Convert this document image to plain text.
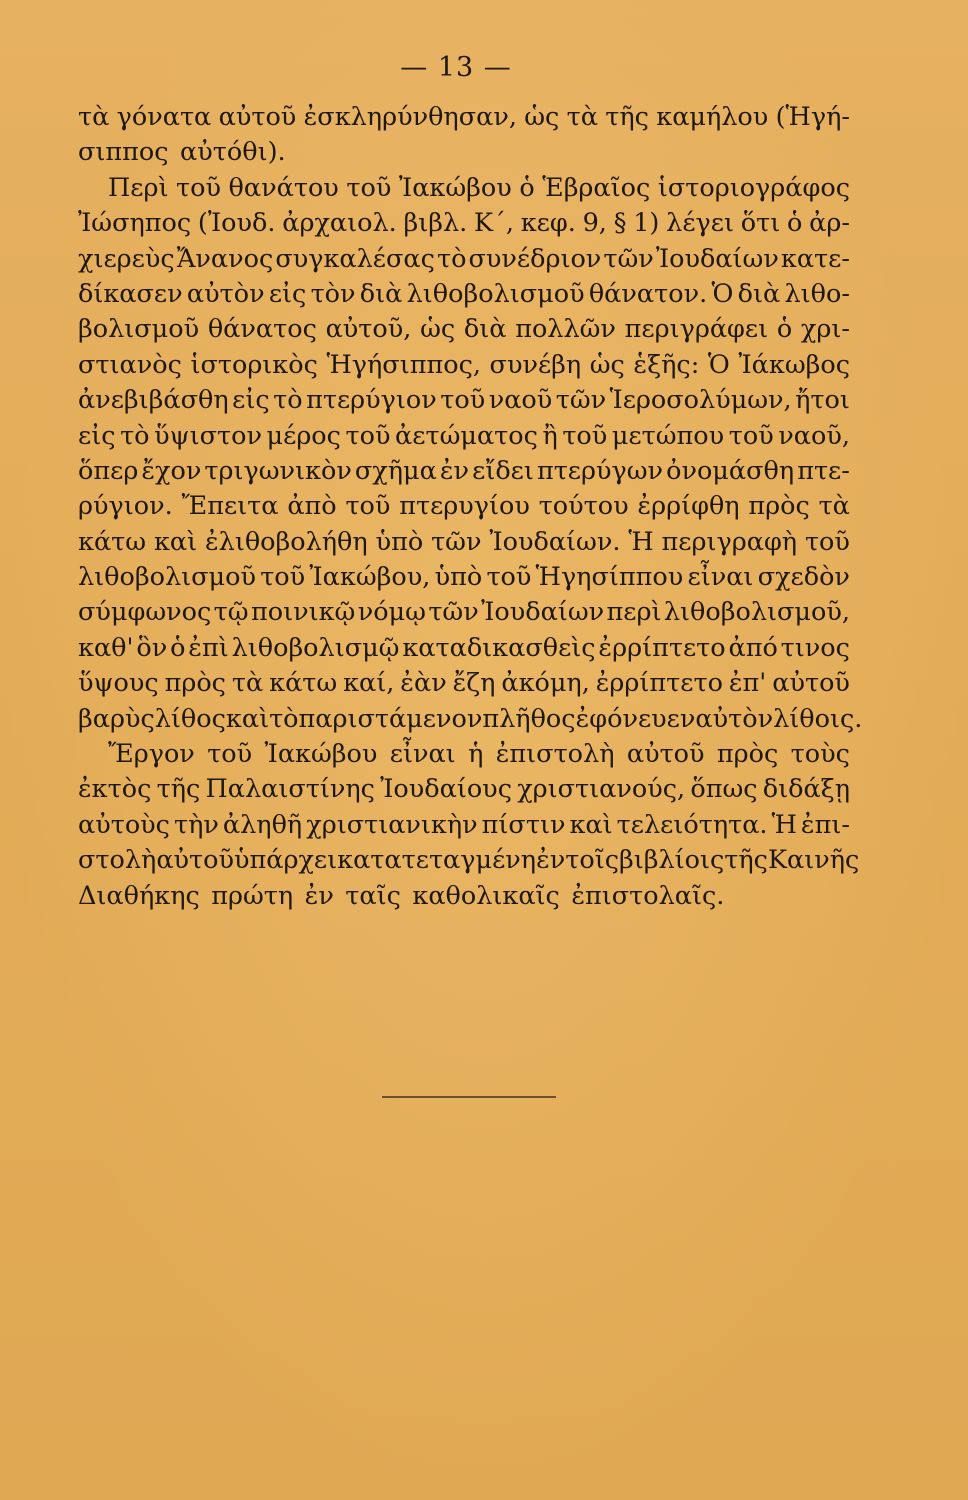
— 13 —
τὰ γόνατα αὐτοῦ ἐσκληρύνθησαν, ὡς τὰ τῆς καμήλου (Ἡγή-
σιππος αὐτόθι).
Περὶ τοῦ θανάτου τοῦ Ἰακώβου ὁ Ἑβραῖος ἱστοριογράφος
Ἰώσηπος (Ἰουδ. ἀρχαιολ. βιβλ. Κ΄, κεφ. 9, § 1) λέγει ὅτι ὁ ἀρ-
χιερεὺς Ἄνανος συγκαλέσας τὸ συνέδριον τῶν Ἰουδαίων κατε-
δίκασεν αὐτὸν εἰς τὸν διὰ λιθοβολισμοῦ θάνατον. Ὁ διὰ λιθο-
βολισμοῦ θάνατος αὐτοῦ, ὡς διὰ πολλῶν περιγράφει ὁ χρι-
στιανὸς ἱστορικὸς Ἡγήσιππος, συνέβη ὡς ἑξῆς: Ὁ Ἰάκωβος
ἀνεβιβάσθη εἰς τὸ πτερύγιον τοῦ ναοῦ τῶν Ἱεροσολύμων, ἤτοι
εἰς τὸ ὕψιστον μέρος τοῦ ἀετώματος ἢ τοῦ μετώπου τοῦ ναοῦ,
ὅπερ ἔχον τριγωνικὸν σχῆμα ἐν εἴδει πτερύγων ὀνομάσθη πτε-
ρύγιον. Ἔπειτα ἀπὸ τοῦ πτερυγίου τούτου ἐρρίφθη πρὸς τὰ
κάτω καὶ ἐλιθοβολήθη ὑπὸ τῶν Ἰουδαίων. Ἡ περιγραφὴ τοῦ
λιθοβολισμοῦ τοῦ Ἰακώβου, ὑπὸ τοῦ Ἡγησίππου εἶναι σχεδὸν
σύμφωνος τῷ ποινικῷ νόμῳ τῶν Ἰουδαίων περὶ λιθοβολισμοῦ,
καθ' ὃν ὁ ἐπὶ λιθοβολισμῷ καταδικασθεὶς ἐρρίπτετο ἀπό τινος
ὕψους πρὸς τὰ κάτω καί, ἐὰν ἔζη ἀκόμη, ἐρρίπτετο ἐπ' αὐτοῦ
βαρὺς λίθος καὶ τὸ παριστάμενον πλῆθος ἐφόνευεν αὐτὸν λίθοις.
Ἔργον τοῦ Ἰακώβου εἶναι ἡ ἐπιστολὴ αὐτοῦ πρὸς τοὺς
ἐκτὸς τῆς Παλαιστίνης Ἰουδαίους χριστιανούς, ὅπως διδάξῃ
αὐτοὺς τὴν ἀληθῆ χριστιανικὴν πίστιν καὶ τελειότητα. Ἡ ἐπι-
στολὴ αὐτοῦ ὑπάρχει κατατεταγμένη ἐν τοῖς βιβλίοις τῆς Καινῆς
Διαθήκης πρώτη ἐν ταῖς καθολικαῖς ἐπιστολαῖς.
